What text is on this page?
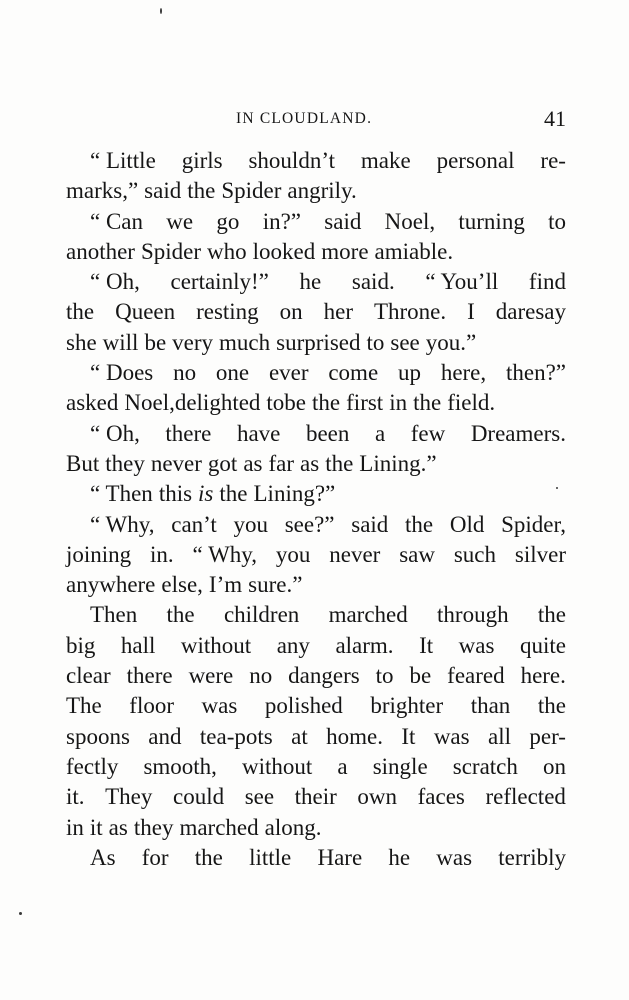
IN CLOUDLAND.	41
“ Little girls shouldn’t make personal re-
marks,” said the Spider angrily.
“ Can we go in?” said Noel, turning to
another Spider who looked more amiable.
“ Oh, certainly!” he said. “ You’ll find
the Queen resting on her Throne. I daresay
she will be very much surprised to see you.”
“ Does no one ever come up here, then?”
asked Noel,delighted tobe the first in the field.
“ Oh, there have been a few Dreamers.
But they never got as far as the Lining.”
“ Then this is the Lining?”
“ Why, can’t you see?” said the Old Spider,
joining in. “ Why, you never saw such silver
anywhere else, I’m sure.”
Then the children marched through the
big hall without any alarm. It was quite
clear there were no dangers to be feared here.
The floor was polished brighter than the
spoons and tea-pots at home. It was all per-
fectly smooth, without a single scratch on
it. They could see their own faces reflected
in it as they marched along.
As for the little Hare he was terribly
